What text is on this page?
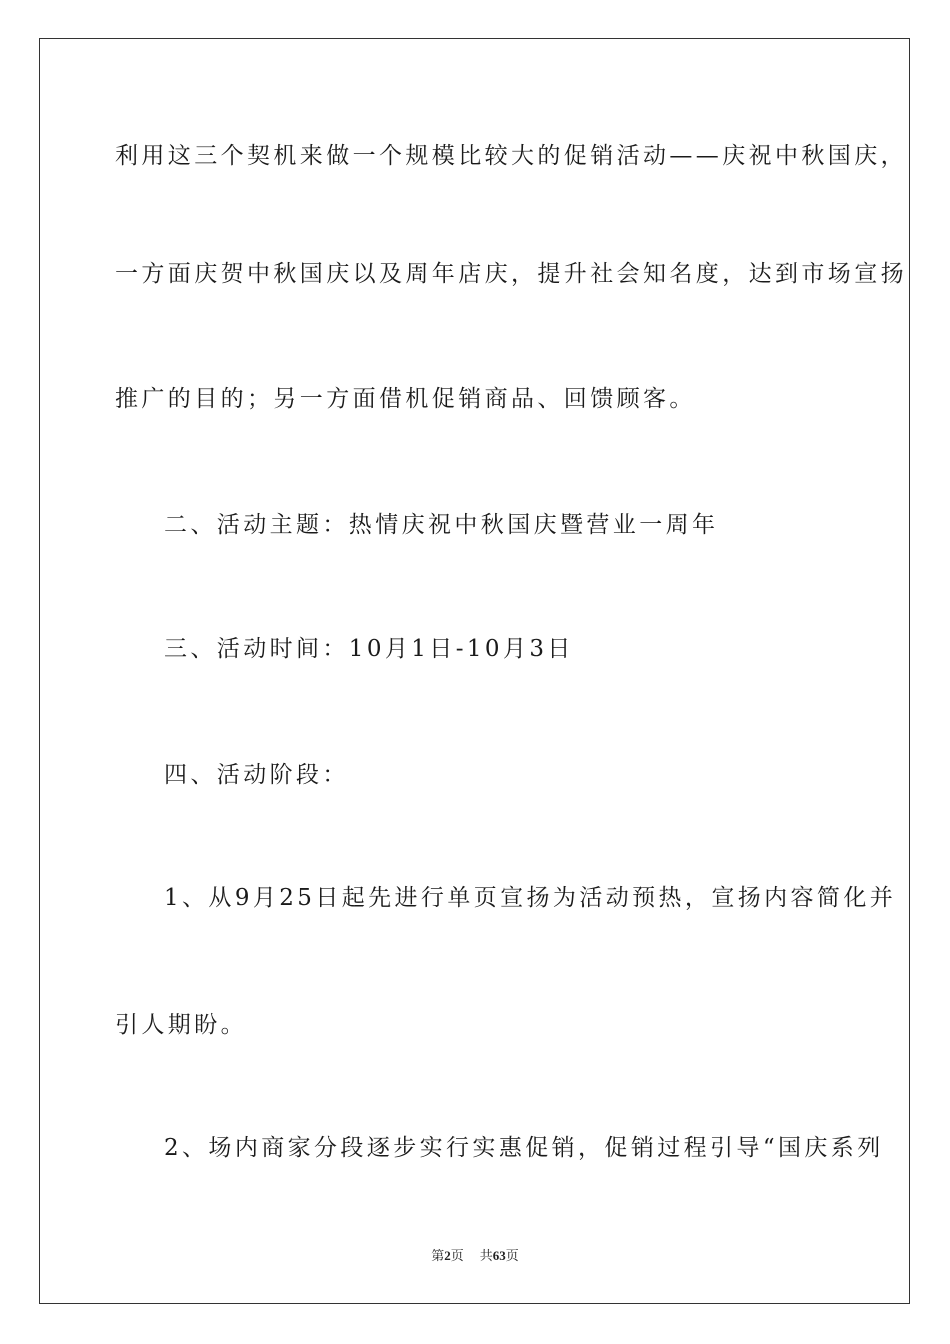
利用这三个契机来做一个规模比较大的促销活动——庆祝中秋国庆，
一方面庆贺中秋国庆以及周年店庆，提升社会知名度，达到市场宣扬
推广的目的；另一方面借机促销商品、回馈顾客。
二、活动主题：热情庆祝中秋国庆暨营业一周年
三、活动时间：10月1日-10月3日
四、活动阶段：
1、从9月25日起先进行单页宣扬为活动预热，宣扬内容简化并
引人期盼。
2、场内商家分段逐步实行实惠促销，促销过程引导“国庆系列
第2页 共63页
